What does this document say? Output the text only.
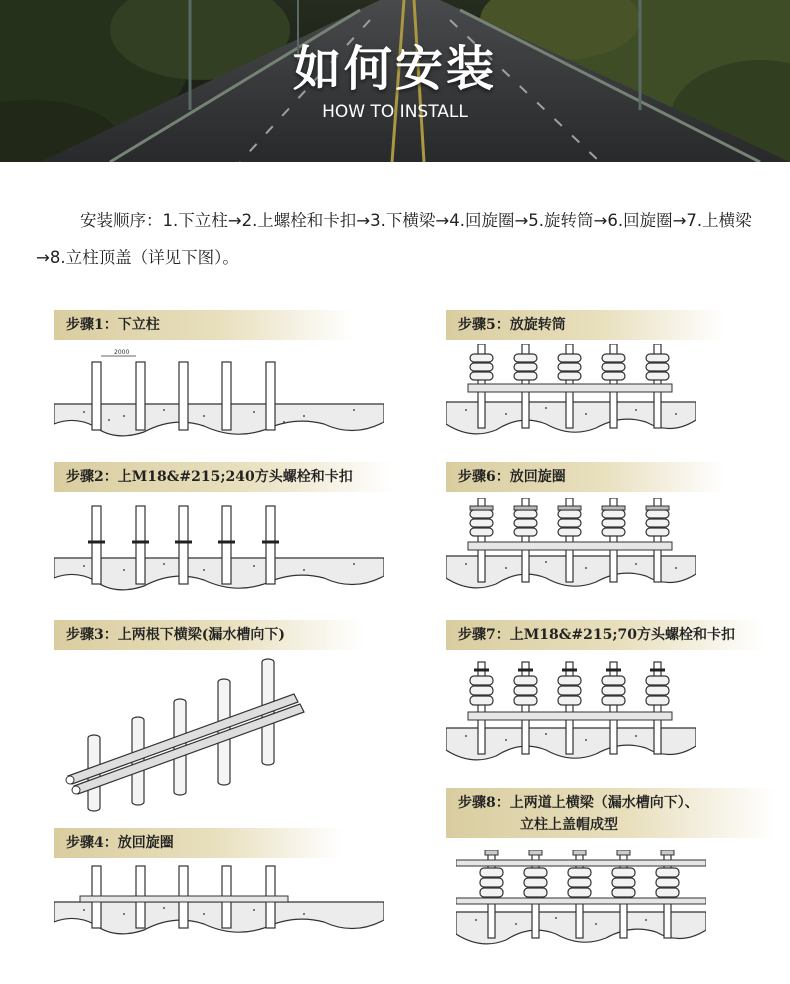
如何安装
HOW TO INSTALL
安装顺序：1.下立柱→2.上螺栓和卡扣→3.下横梁→4.回旋圈→5.旋转筒→6.回旋圈→7.上横梁→8.立柱顶盖（详见下图）。
步骤1：下立柱
2000
步骤2：上M18&#215;240方头螺栓和卡扣
步骤3：上两根下横梁(漏水槽向下)
步骤4：放回旋圈
步骤5：放旋转筒
步骤6：放回旋圈
步骤7：上M18&#215;70方头螺栓和卡扣
步骤8：上两道上横梁（漏水槽向下）、
立柱上盖帽成型
